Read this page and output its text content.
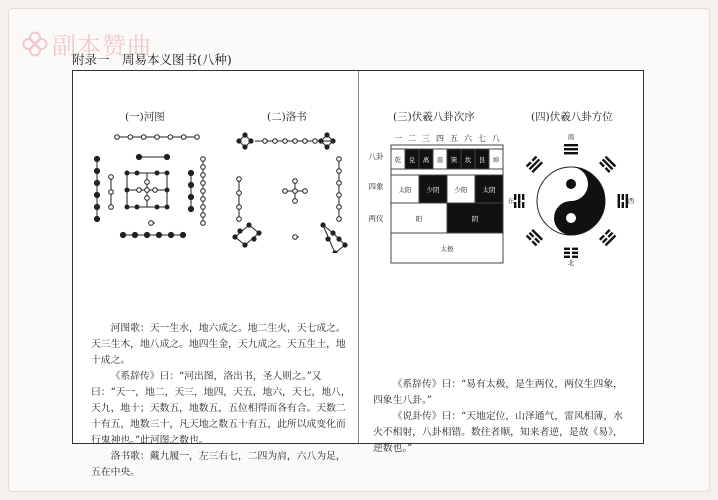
副本赞曲
附录一　周易本义图书(八种)
(一)河图	(二)洛书	(三)伏羲八卦次序	(四)伏羲八卦方位
一 二 三 四 五 六 七 八
八卦
四象
两仪
乾 兑 离 震 巽 坎 艮 坤
太阳 少阴 少阳 太阴
阳	阴
太极
南
北
东	西

河图歌：天一生水，地六成之。地二生火，天七成之。天三生木，地八成之。地四生金，天九成之。天五生土，地十成之。

《系辞传》曰：“河出图，洛出书，圣人则之。”又曰：“天一，地二，天三，地四，天五，地六，天七，地八，天九，地十；天数五，地数五，五位相得而各有合。天数二十有五，地数三十，凡天地之数五十有五，此所以成变化而行鬼神也。”此河图之数也。

洛书歌：戴九履一，左三右七，二四为肩，六八为足，五在中央。

《系辞传》曰：“易有太极，是生两仪，两仪生四象，四象生八卦。”

《说卦传》曰：“天地定位，山泽通气，雷风相薄，水火不相射，八卦相错。数往者顺，知来者逆，是故《易》，逆数也。”
